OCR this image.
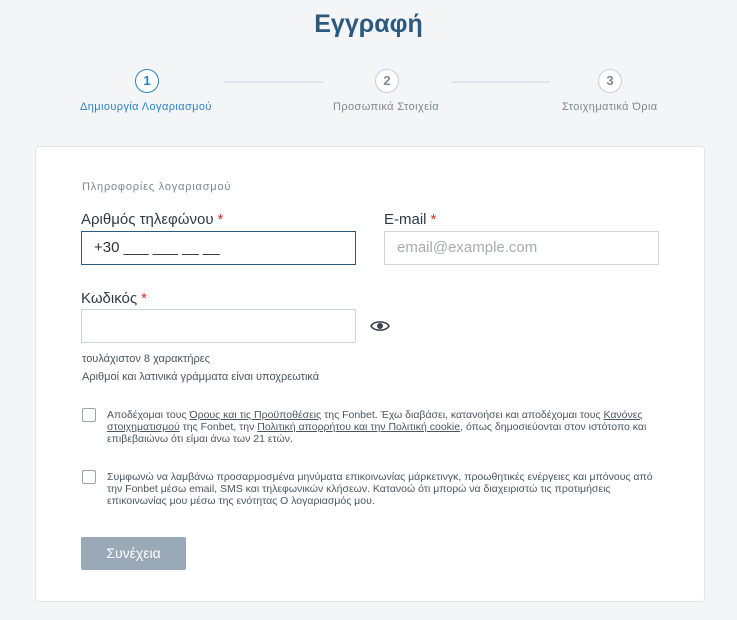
Εγγραφή
1
Δημιουργία Λογαριασμού
2
Προσωπικά Στοιχεία
3
Στοιχηματικά Όρια
Πληροφορίες λογαριασμού
Αριθμός τηλεφώνου *
+30 ___ ___ __ __
E-mail *
email@example.com
Κωδικός *
τουλάχιστον 8 χαρακτήρες
Αριθμοί και λατινικά γράμματα είναι υποχρεωτικά
Αποδέχομαι τους Όρους και τις Προϋποθέσεις της Fonbet. Έχω διαβάσει, κατανοήσει και αποδέχομαι τους Κανόνες στοιχηματισμού της Fonbet, την Πολιτική απορρήτου και την Πολιτική cookie, όπως δημοσιεύονται στον ιστότοπο και επιβεβαιώνω ότι είμαι άνω των 21 ετών.
Συμφωνώ να λαμβάνω προσαρμοσμένα μηνύματα επικοινωνίας μάρκετινγκ, προωθητικές ενέργειες και μπόνους από την Fonbet μέσω email, SMS και τηλεφωνικών κλήσεων. Κατανοώ ότι μπορώ να διαχειριστώ τις προτιμήσεις επικοινωνίας μου μέσω της ενότητας Ο λογαριασμός μου.
Συνέχεια
